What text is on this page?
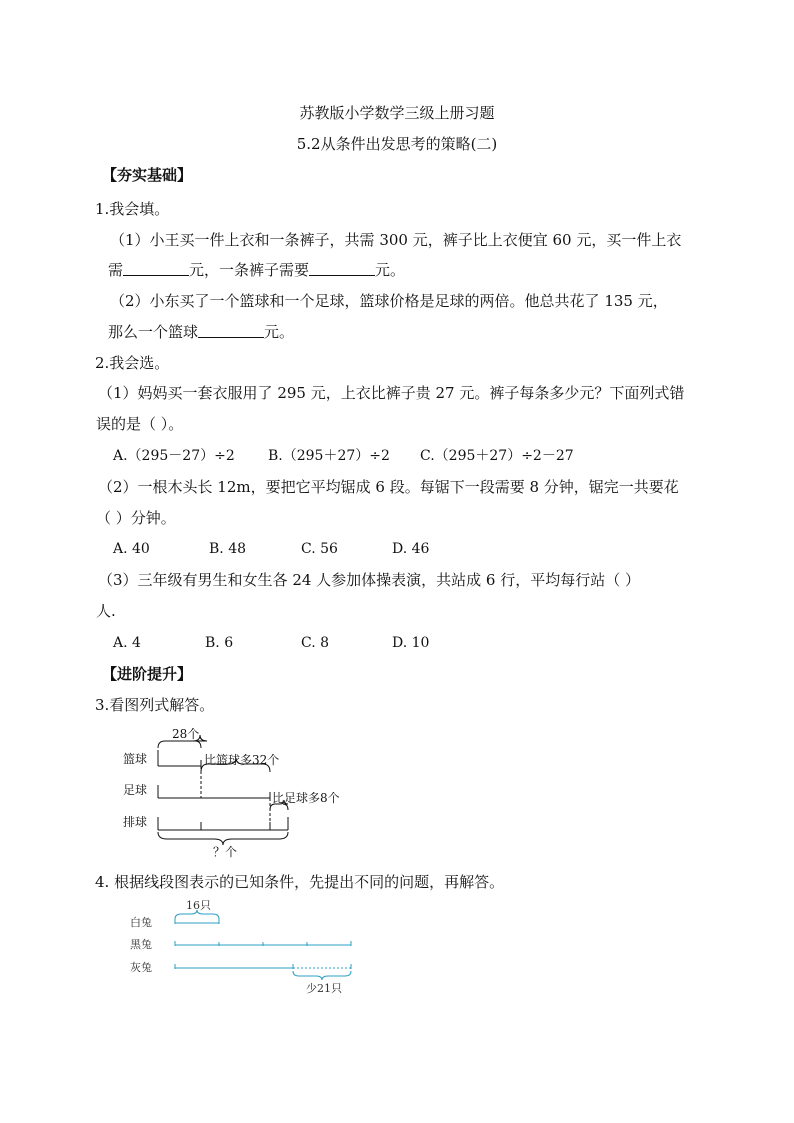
苏教版小学数学三级上册习题
5.2从条件出发思考的策略(二)
【夯实基础】
1.我会填。
（1）小王买一件上衣和一条裤子，共需 300 元，裤子比上衣便宜 60 元，买一件上衣
需	元，一条裤子需要	元。
（2）小东买了一个篮球和一个足球，篮球价格是足球的两倍。他总共花了 135 元，
那么一个篮球	元。
2.我会选。
（1）妈妈买一套衣服用了 295 元，上衣比裤子贵 27 元。裤子每条多少元？下面列式错
误的是（ ）。
A.（295－27）÷2 B.（295＋27）÷2 C.（295＋27）÷2－27
（2）一根木头长 12m，要把它平均锯成 6 段。每锯下一段需要 8 分钟，锯完一共要花
（ ）分钟。
A. 40	B. 48	C. 56	D. 46
（3）三年级有男生和女生各 24 人参加体操表演，共站成 6 行，平均每行站（ ）
人.
A. 4	B. 6	C. 8	D. 10
【进阶提升】
3.看图列式解答。
篮球
足球
排球
28个
比篮球多32个
比足球多8个
？个
4. 根据线段图表示的已知条件，先提出不同的问题，再解答。
白兔
黑兔
灰兔
16只
少21只
